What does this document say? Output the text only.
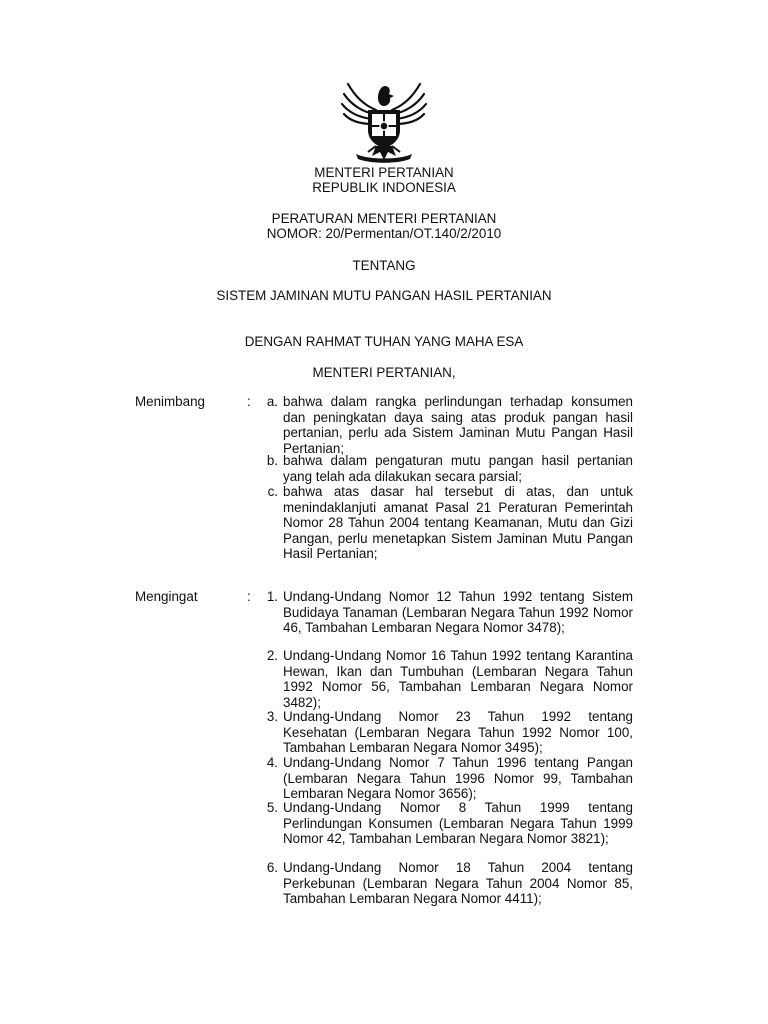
MENTERI PERTANIAN
REPUBLIK INDONESIA
PERATURAN MENTERI PERTANIAN
NOMOR: 20/Permentan/OT.140/2/2010
TENTANG
SISTEM JAMINAN MUTU PANGAN HASIL PERTANIAN
DENGAN RAHMAT TUHAN YANG MAHA ESA
MENTERI PERTANIAN,
Menimbang	:	a. bahwa dalam rangka perlindungan terhadap konsumen dan peningkatan daya saing atas produk pangan hasil pertanian, perlu ada Sistem Jaminan Mutu Pangan Hasil Pertanian;
b. bahwa dalam pengaturan mutu pangan hasil pertanian yang telah ada dilakukan secara parsial;
c. bahwa atas dasar hal tersebut di atas, dan untuk menindaklanjuti amanat Pasal 21 Peraturan Pemerintah Nomor 28 Tahun 2004 tentang Keamanan, Mutu dan Gizi Pangan, perlu menetapkan Sistem Jaminan Mutu Pangan Hasil Pertanian;
Mengingat	:	1. Undang-Undang Nomor 12 Tahun 1992 tentang Sistem Budidaya Tanaman (Lembaran Negara Tahun 1992 Nomor 46, Tambahan Lembaran Negara Nomor 3478);
2. Undang-Undang Nomor 16 Tahun 1992 tentang Karantina Hewan, Ikan dan Tumbuhan (Lembaran Negara Tahun 1992 Nomor 56, Tambahan Lembaran Negara Nomor 3482);
3. Undang-Undang Nomor 23 Tahun 1992 tentang Kesehatan (Lembaran Negara Tahun 1992 Nomor 100, Tambahan Lembaran Negara Nomor 3495);
4. Undang-Undang Nomor 7 Tahun 1996 tentang Pangan (Lembaran Negara Tahun 1996 Nomor 99, Tambahan Lembaran Negara Nomor 3656);
5. Undang-Undang Nomor 8 Tahun 1999 tentang Perlindungan Konsumen (Lembaran Negara Tahun 1999 Nomor 42, Tambahan Lembaran Negara Nomor 3821);
6. Undang-Undang Nomor 18 Tahun 2004 tentang Perkebunan (Lembaran Negara Tahun 2004 Nomor 85, Tambahan Lembaran Negara Nomor 4411);
